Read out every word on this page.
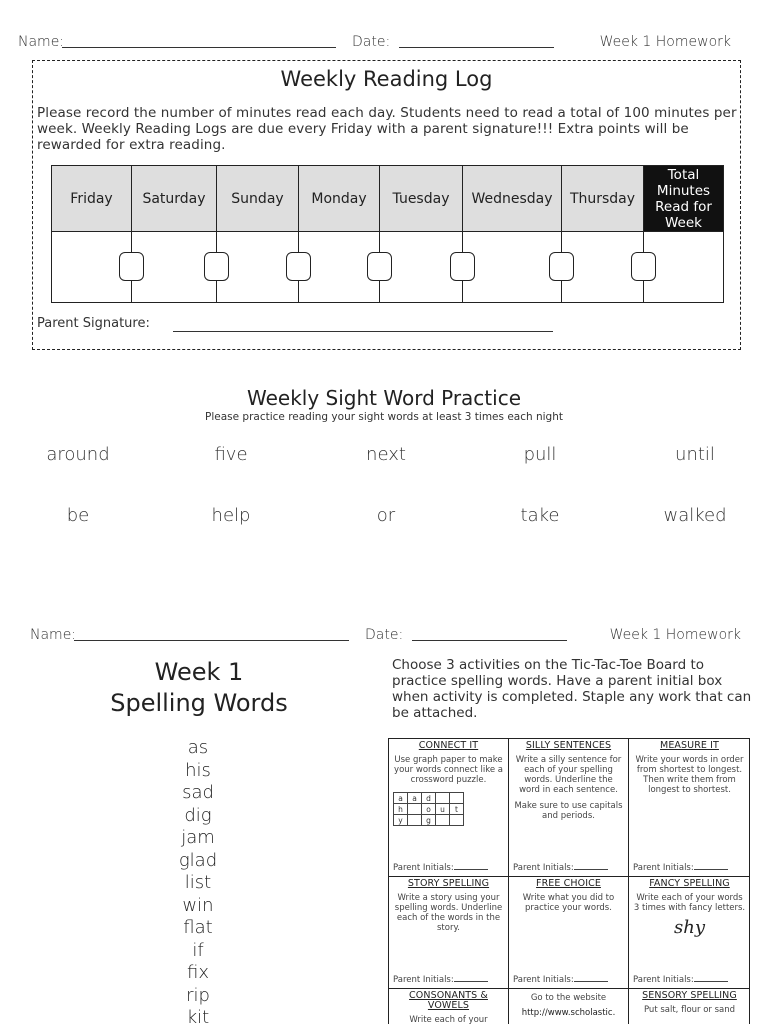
Name:	Date:	Week 1 Homework
Weekly Reading Log
Please record the number of minutes read each day. Students need to read a total of 100 minutes per week. Weekly Reading Logs are due every Friday with a parent signature!!! Extra points will be rewarded for extra reading.
Friday	Saturday	Sunday	Monday	Tuesday	Wednesday	Thursday	Total Minutes Read for Week

Parent Signature:
Weekly Sight Word Practice
Please practice reading your sight words at least 3 times each night
around	five	next	pull	until
be	help	or	take	walked
Name:	Date:	Week 1 Homework
Week 1
Spelling Words
as
his
sad
dig
jam
glad
list
win
flat
if
fix
rip
kit
Choose 3 activities on the Tic-Tac-Toe Board to practice spelling words. Have a parent initial box when activity is completed. Staple any work that can be attached.
CONNECT IT
Use graph paper to make your words connect like a crossword puzzle.
a	a	d		
h		o	u	t
y		g		
Parent Initials:
SILLY SENTENCES
Write a silly sentence for each of your spelling words. Underline the word in each sentence.
Make sure to use capitals and periods.
Parent Initials:
MEASURE IT
Write your words in order from shortest to longest. Then write them from longest to shortest.
Parent Initials:
STORY SPELLING
Write a story using your spelling words. Underline each of the words in the story.
Parent Initials:
FREE CHOICE
Write what you did to practice your words.
Parent Initials:
FANCY SPELLING
Write each of your words 3 times with fancy letters.
shy
Parent Initials:
CONSONANTS & VOWELS
Write each of your
Go to the website
http://www.scholastic.
SENSORY SPELLING
Put salt, flour or sand
